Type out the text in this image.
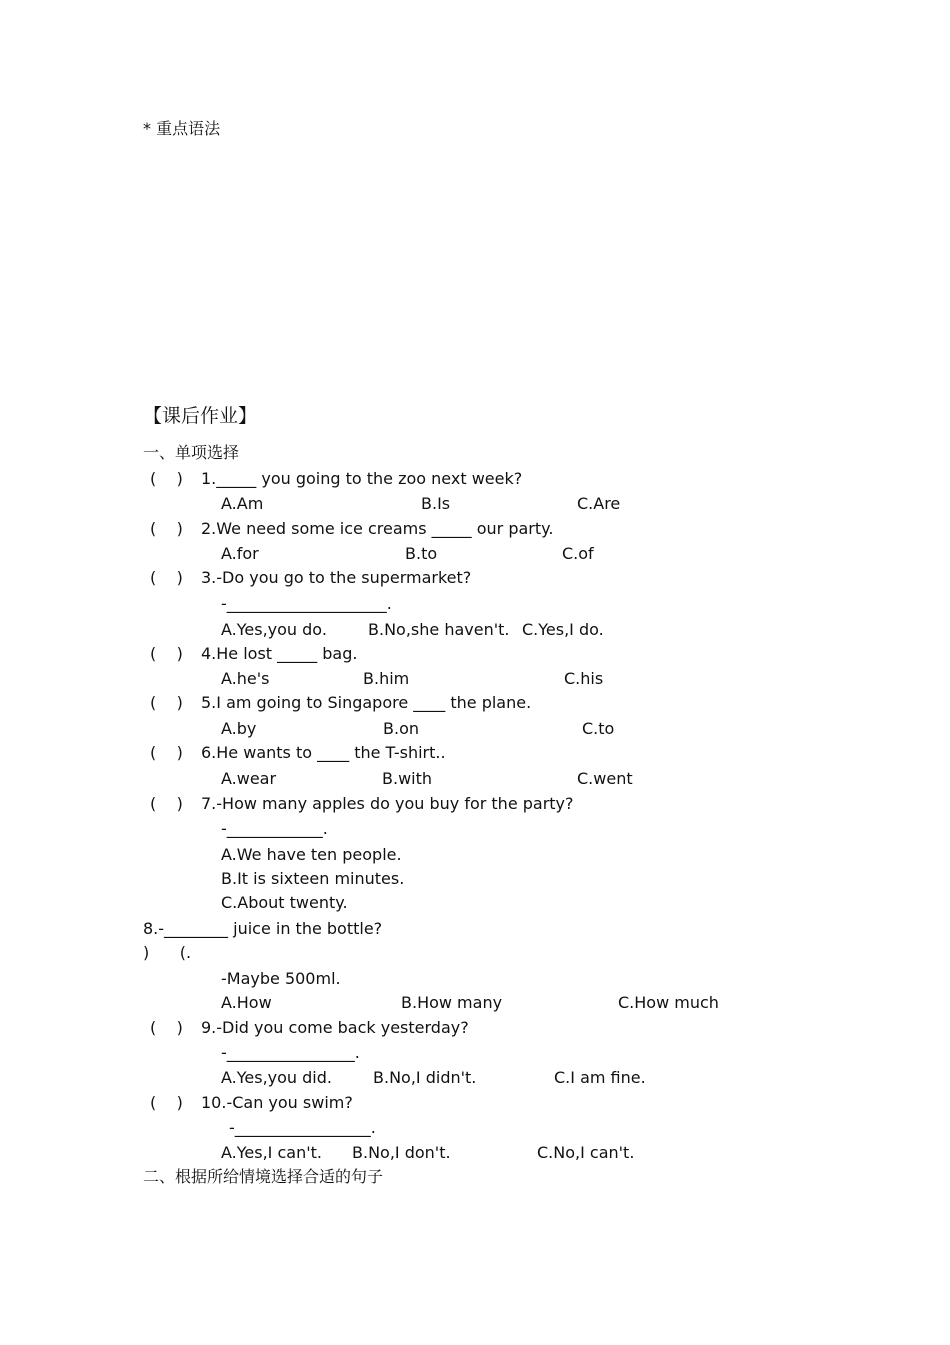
* 重点语法
【课后作业】
一、单项选择
(    ) 1._____ you going to the zoo next week?
A.Am	B.Is	C.Are
(    ) 2.We need some ice creams _____ our party.
A.for	B.to	C.of
(    ) 3.-Do you go to the supermarket?
-____________________.
A.Yes,you do.	B.No,she haven't. C.Yes,I do.
(    ) 4.He lost _____ bag.
A.he's	B.him	C.his
(    ) 5.I am going to Singapore ____ the plane.
A.by	B.on	C.to
(    ) 6.He wants to ____ the T-shirt..
A.wear	B.with	C.went
(    ) 7.-How many apples do you buy for the party?
-____________.
A.We have ten people.
B.It is sixteen minutes.
C.About twenty.
8.-________ juice in the bottle?
)      (.
-Maybe 500ml.
A.How	B.How many	C.How much
(    ) 9.-Did you come back yesterday?
-________________.
A.Yes,you did.	B.No,I didn't.	C.I am fine.
(    ) 10.-Can you swim?
-_________________.
A.Yes,I can't. B.No,I don't.	C.No,I can't.
二、根据所给情境选择合适的句子
